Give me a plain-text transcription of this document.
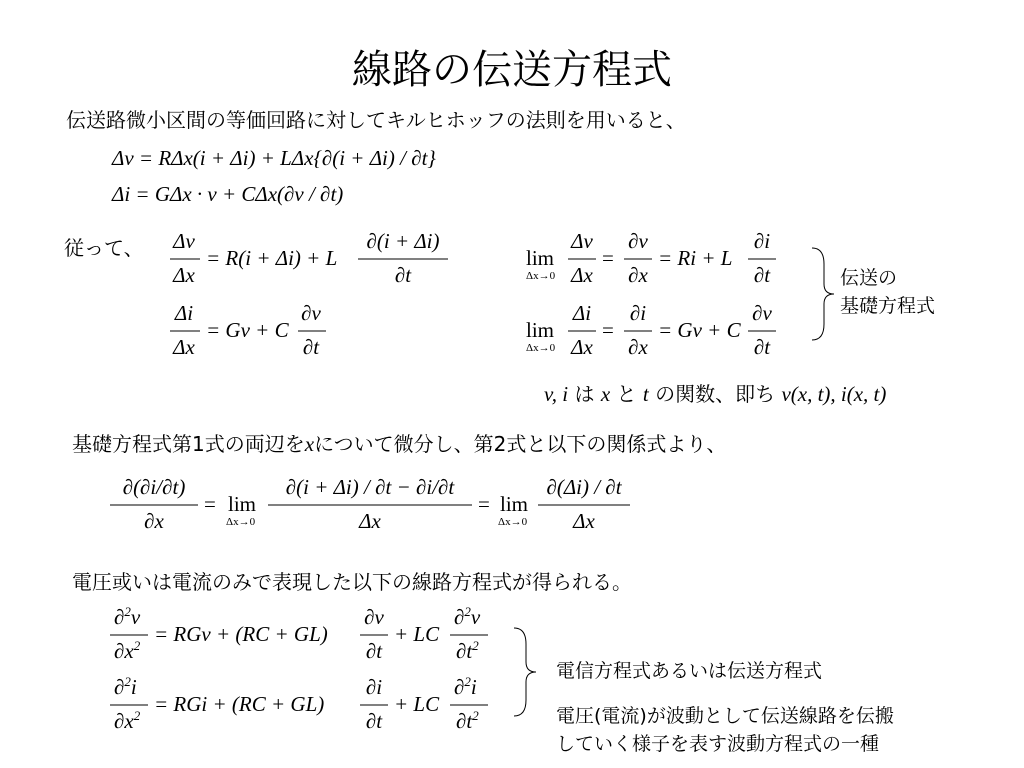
線路の伝送方程式
伝送路微小区間の等価回路に対してキルヒホッフの法則を用いると、
Δv = RΔx(i + Δi) + LΔx{∂(i + Δi) / ∂t}
Δi = GΔx · v + CΔx(∂v / ∂t)
従って、 Δv
Δx
= R(i + Δi) + L
∂(i + Δi)
∂t
Δi
Δx
= Gv + C
∂v
∂t
lim
Δx→0
Δv
Δx
=
∂v
∂x
= Ri + L
∂i
∂t
lim
Δx→0
Δi
Δx
=
∂i
∂x
= Gv + C
∂v
∂t
伝送の
基礎方程式
v, i は x と t の関数、即ち v(x, t), i(x, t)
基礎方程式第1式の両辺をxについて微分し、第2式と以下の関係式より、
∂(∂i/∂t)
∂x
= lim
Δx→0
∂(i + Δi) / ∂t − ∂i/∂t
Δx
= lim
Δx→0
∂(Δi) / ∂t
Δx
電圧或いは電流のみで表現した以下の線路方程式が得られる。
∂$^2$v
$\partial x^2$ = RGv + (RC + GL)
∂v
∂t
+ LC
∂$^2$v
$\partial t^2$
∂$^2$i
$\partial x^2$ = RGi + (RC + GL)
∂i
∂t
+ LC
∂$^2$i
$\partial t^2$
電信方程式あるいは伝送方程式
電圧(電流)が波動として伝送線路を伝搬
していく様子を表す波動方程式の一種
